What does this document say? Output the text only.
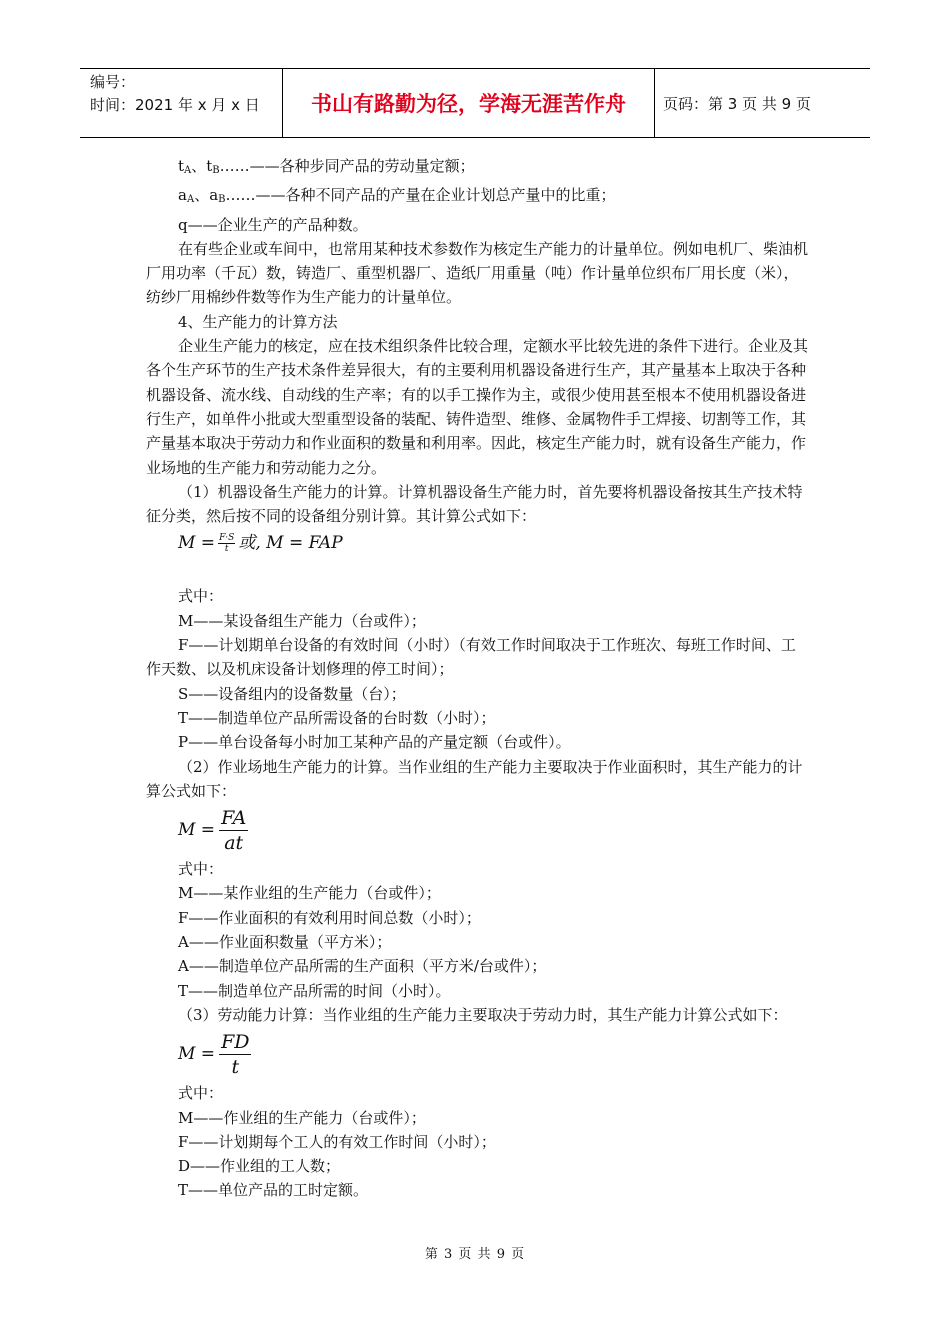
编号：
时间：2021 年 x 月 x 日	书山有路勤为径，学海无涯苦作舟	页码：第 3 页 共 9 页

$t_A$、$t_B\dots\dots——$各种步同产品的劳动量定额；

$a_A$、$a_B\dots\dots——$各种不同产品的产量在企业计划总产量中的比重；

q——企业生产的产品种数。

在有些企业或车间中，也常用某种技术参数作为核定生产能力的计量单位。例如电机厂、柴油机厂用功率（千瓦）数，铸造厂、重型机器厂、造纸厂用重量（吨）作计量单位织布厂用长度（米），纺纱厂用棉纱件数等作为生产能力的计量单位。

4、生产能力的计算方法

企业生产能力的核定，应在技术组织条件比较合理，定额水平比较先进的条件下进行。企业及其各个生产环节的生产技术条件差异很大，有的主要利用机器设备进行生产，其产量基本上取决于各种机器设备、流水线、自动线的生产率；有的以手工操作为主，或很少使用甚至根本不使用机器设备进行生产，如单件小批或大型重型设备的装配、铸件造型、维修、金属物件手工焊接、切割等工作，其产量基本取决于劳动力和作业面积的数量和利用率。因此，核定生产能力时，就有设备生产能力，作业场地的生产能力和劳动能力之分。

（1）机器设备生产能力的计算。计算机器设备生产能力时，首先要将机器设备按其生产技术特征分类，然后按不同的设备组分别计算。其计算公式如下：

$M = \frac{F\cdot S}{t}$ 或, M = FAP

式中：

M——某设备组生产能力（台或件）；

F——计划期单台设备的有效时间（小时）（有效工作时间取决于工作班次、每班工作时间、工作天数、以及机床设备计划修理的停工时间）；

S——设备组内的设备数量（台）；

T——制造单位产品所需设备的台时数（小时）；

P——单台设备每小时加工某种产品的产量定额（台或件）。

（2）作业场地生产能力的计算。当作业组的生产能力主要取决于作业面积时，其生产能力的计算公式如下：

$M = \frac{FA}{at}$

式中：

M——某作业组的生产能力（台或件）；

F——作业面积的有效利用时间总数（小时）；

A——作业面积数量（平方米）；

A——制造单位产品所需的生产面积（平方米/台或件）；

T——制造单位产品所需的时间（小时）。

（3）劳动能力计算：当作业组的生产能力主要取决于劳动力时，其生产能力计算公式如下：

$M = \frac{FD}{t}$

式中：

M——作业组的生产能力（台或件）；

F——计划期每个工人的有效工作时间（小时）；

D——作业组的工人数；

T——单位产品的工时定额。

第 3 页 共 9 页
